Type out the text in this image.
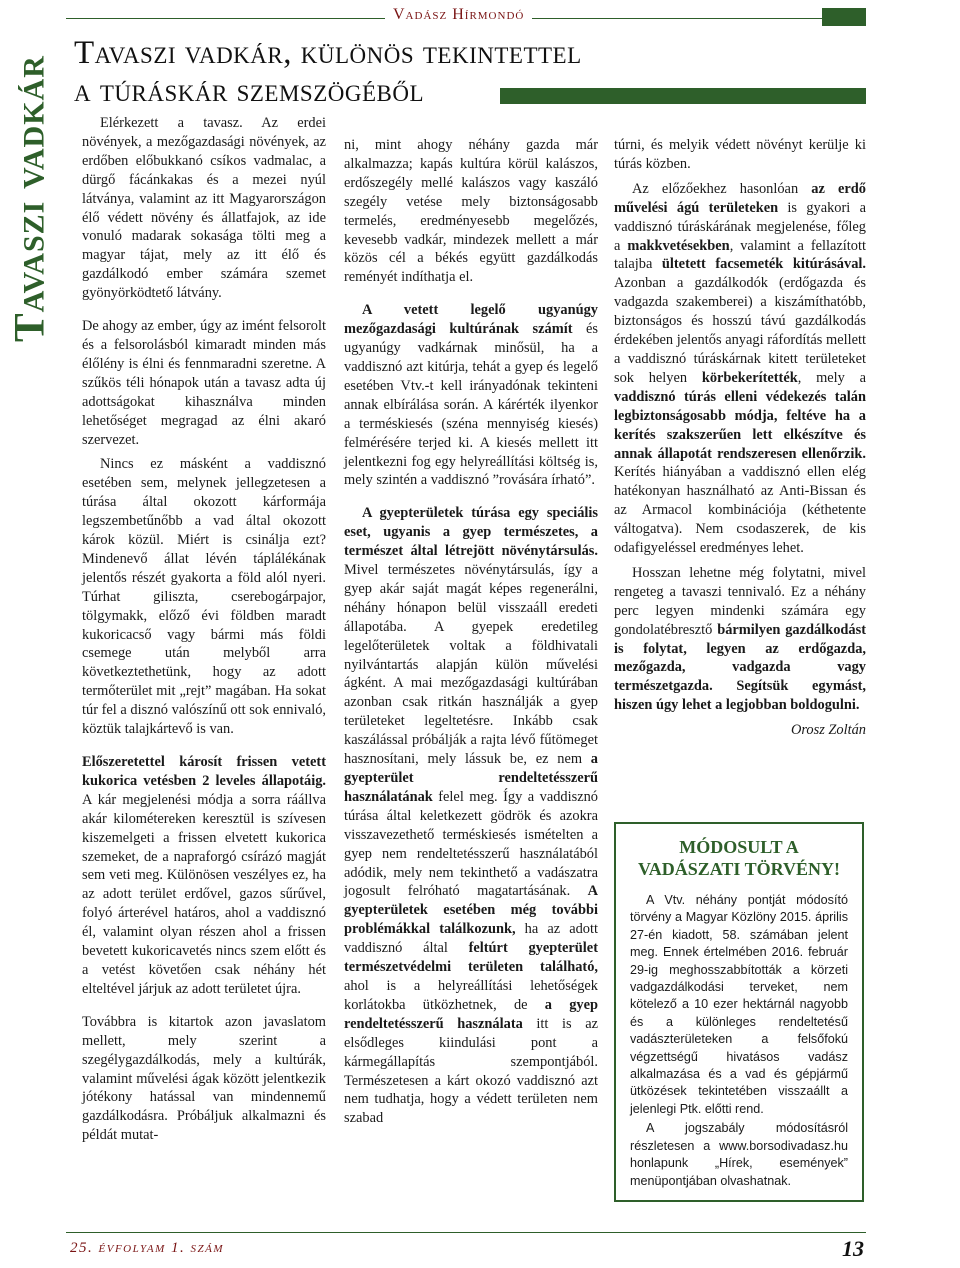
Vadász Hírmondó
Tavaszi vadkár
Tavaszi vadkár, különös tekintettel
a túráskár szemszögéből

Elérkezett a tavasz. Az erdei növények, a mezőgazdasági növények, az erdőben előbukkanó csíkos vadmalac, a dürgő fácánkakas és a mezei nyúl látványa, valamint az itt Magyarországon élő védett növény és állatfajok, az ide vonuló madarak sokasága tölti meg a magyar tájat, mely az itt élő és gazdálkodó ember számára szemet gyönyörködtető látvány.

De ahogy az ember, úgy az imént felsorolt és a felsorolásból kimaradt minden más élőlény is élni és fennmaradni szeretne. A szűkös téli hónapok után a tavasz adta új adottságokat kihasználva minden lehetőséget megragad az élni akaró szervezet.

Nincs ez másként a vaddisznó esetében sem, melynek jellegzetesen a túrása által okozott kárformája legszembetűnőbb a vad által okozott károk közül. Miért is csinálja ezt? Mindenevő állat lévén táplálékának jelentős részét gyakorta a föld alól nyeri. Túrhat giliszta, cserebogárpajor, tölgymakk, előző évi földben maradt kukoricacső vagy bármi más földi csemege után melyből arra következtethetünk, hogy az adott termőterület mit „rejt” magában. Ha sokat túr fel a disznó valószínű ott sok ennivaló, köztük talajkártevő is van.

Előszeretettel károsít frissen vetett kukorica vetésben 2 leveles állapotáig. A kár megjelenési módja a sorra ráállva akár kilométereken keresztül is szívesen kiszemelgeti a frissen elvetett kukorica szemeket, de a napraforgó csírázó magját sem veti meg. Különösen veszélyes ez, ha az adott terület erdővel, gazos sűrűvel, folyó árterével határos, ahol a vaddisznó él, valamint olyan részen ahol a frissen bevetett kukoricavetés nincs szem előtt és a vetést követően csak néhány hét elteltével járjuk az adott területet újra.

Továbbra is kitartok azon javaslatom mellett, mely szerint a szegélygazdálkodás, mely a kultúrák, valamint művelési ágak között jelentkezik jótékony hatással van mindennemű gazdálkodásra. Próbáljuk alkalmazni és példát mutat-

ni, mint ahogy néhány gazda már alkalmazza; kapás kultúra körül kalászos, erdőszegély mellé kalászos vagy kaszáló szegély vetése mely biztonságosabb termelés, eredményesebb megelőzés, kevesebb vadkár, mindezek mellett a már közös cél a békés együtt gazdálkodás reményét indíthatja el.

A vetett legelő ugyanúgy mezőgazdasági kultúrának számít és ugyanúgy vadkárnak minősül, ha a vaddisznó azt kitúrja, tehát a gyep és legelő esetében Vtv.-t kell irányadónak tekinteni annak elbírálása során. A kárérték ilyenkor a terméskiesés (széna mennyiség kiesés) felmérésére terjed ki. A kiesés mellett itt jelentkezni fog egy helyreállítási költség is, mely szintén a vaddisznó ”rovására írható”.

A gyepterületek túrása egy speciális eset, ugyanis a gyep természetes, a természet által létrejött növénytársulás. Mivel természetes növénytársulás, így a gyep akár saját magát képes regenerálni, néhány hónapon belül visszaáll eredeti állapotába. A gyepek eredetileg legelőterületek voltak a földhivatali nyilvántartás alapján külön művelési ágként. A mai mezőgazdasági kultúrában azonban csak ritkán használják a gyep területeket legeltetésre. Inkább csak kaszálással próbálják a rajta lévő fűtömeget hasznosítani, mely lássuk be, ez nem a gyepterület rendeltetésszerű használatának felel meg. Így a vaddisznó túrása által keletkezett gödrök és azokra visszavezethető terméskiesés ismételten a gyep nem rendeltetésszerű használatából adódik, mely nem tekinthető a vadászatra jogosult felróható magatartásának. A gyepterületek esetében még további problémákkal találkozunk, ha az adott vaddisznó által feltúrt gyepterület természetvédelmi területen található, ahol is a helyreállítási lehetőségek korlátokba ütközhetnek, de a gyep rendeltetésszerű használata itt is az elsődleges kiindulási pont a kármegállapítás szempontjából. Természetesen a kárt okozó vaddisznó azt nem tudhatja, hogy a védett területen nem szabad

túrni, és melyik védett növényt kerülje ki túrás közben.

Az előzőekhez hasonlóan az erdő művelési ágú területeken is gyakori a vaddisznó túráskárának megjelenése, főleg a makkvetésekben, valamint a fellazított talajba ültetett facsemeték kitúrásával. Azonban a gazdálkodók (erdőgazda és vadgazda szakemberei) a kiszámíthatóbb, biztonságos és hosszú távú gazdálkodás érdekében jelentős anyagi ráfordítás mellett a vaddisznó túráskárnak kitett területeket sok helyen körbekerítették, mely a vaddisznó túrás elleni védekezés talán legbiztonságosabb módja, feltéve ha a kerítés szakszerűen lett elkészítve és annak állapotát rendszeresen ellenőrzik. Kerítés hiányában a vaddisznó ellen elég hatékonyan használható az Anti-Bissan és az Armacol kombinációja (kéthetente váltogatva). Nem csodaszerek, de kis odafigyeléssel eredményes lehet.

Hosszan lehetne még folytatni, mivel rengeteg a tavaszi tennivaló. Ez a néhány perc legyen mindenki számára egy gondolatébresztő bármilyen gazdálkodást is folytat, legyen az erdőgazda, mezőgazda, vadgazda vagy természetgazda. Segítsük egymást, hiszen úgy lehet a legjobban boldogulni.

Orosz Zoltán

MÓDOSULT A VADÁSZATI TÖRVÉNY!

A Vtv. néhány pontját módosító törvény a Magyar Közlöny 2015. április 27-én kiadott, 58. számában jelent meg. Ennek értelmében 2016. február 29-ig meghosszabbították a körzeti vadgazdálkodási terveket, nem kötelező a 10 ezer hektárnál nagyobb és a különleges rendeltetésű vadászterületeken a felsőfokú végzettségű hivatásos vadász alkalmazása és a vad és gépjármű ütközések tekintetében visszaállt a jelenlegi Ptk. előtti rend.

A jogszabály módosításról részletesen a www.borsodivadasz.hu honlapunk „Hírek, események” menüpontjában olvashatnak.

25. évfolyam 1. szám	13
